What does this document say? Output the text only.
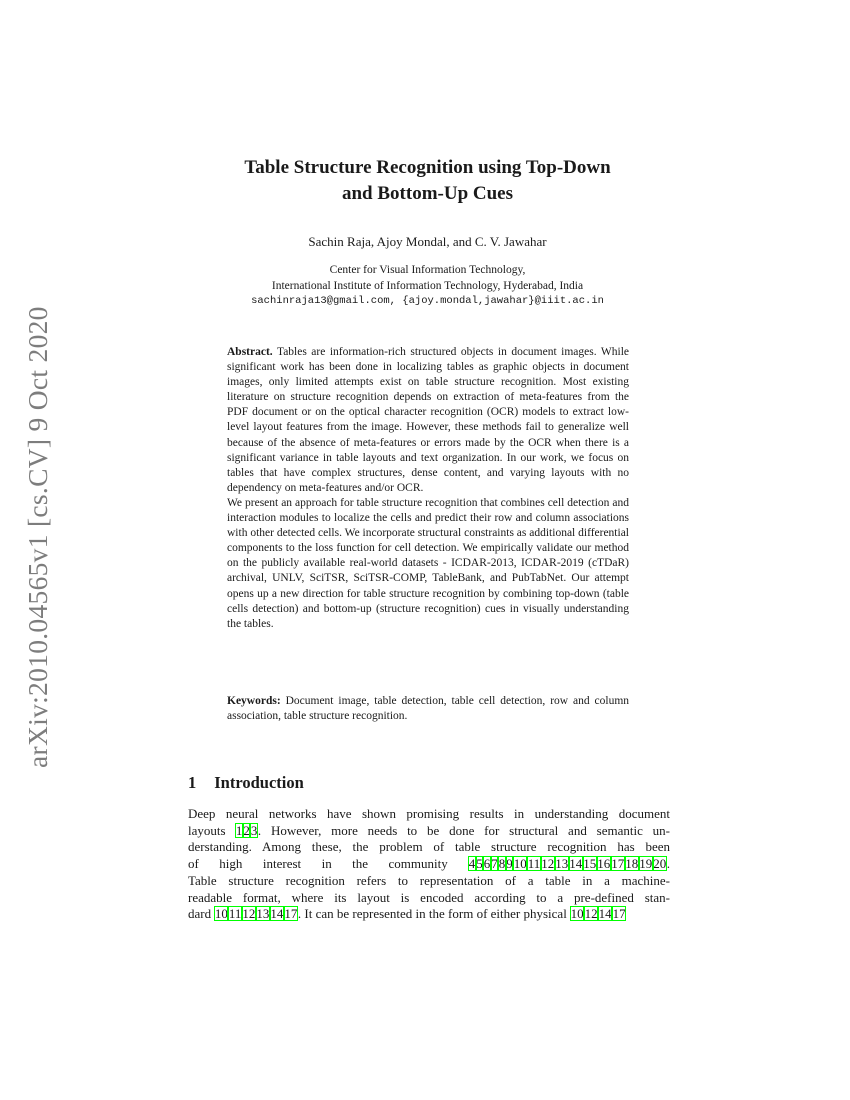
arXiv:2010.04565v1 [cs.CV] 9 Oct 2020
Table Structure Recognition using Top-Down
and Bottom-Up Cues
Sachin Raja, Ajoy Mondal, and C. V. Jawahar
Center for Visual Information Technology,
International Institute of Information Technology, Hyderabad, India
sachinraja13@gmail.com, {ajoy.mondal,jawahar}@iiit.ac.in

Abstract. Tables are information-rich structured objects in document images. While significant work has been done in localizing tables as graphic objects in document images, only limited attempts exist on table structure recognition. Most existing literature on structure recognition depends on extraction of meta-features from the PDF document or on the optical character recognition (OCR) models to extract low-level layout features from the image. However, these methods fail to generalize well because of the absence of meta-features or errors made by the OCR when there is a significant variance in table layouts and text organization. In our work, we focus on tables that have complex structures, dense content, and varying layouts with no dependency on meta-features and/or OCR.

We present an approach for table structure recognition that combines cell detection and interaction modules to localize the cells and predict their row and column associations with other detected cells. We incorporate structural constraints as additional differential components to the loss function for cell detection. We empirically validate our method on the publicly available real-world datasets - ICDAR-2013, ICDAR-2019 (cTDaR) archival, UNLV, SciTSR, SciTSR-COMP, TableBank, and PubTabNet. Our attempt opens up a new direction for table structure recognition by combining top-down (table cells detection) and bottom-up (structure recognition) cues in visually understanding the tables.

Keywords: Document image, table detection, table cell detection, row and column association, table structure recognition.
1 Introduction
Deep neural networks have shown promising results in understanding document
layouts 123. However, more needs to be done for structural and semantic un-
derstanding. Among these, the problem of table structure recognition has been
of high interest in the community 4567891011121314151617181920.
Table structure recognition refers to representation of a table in a machine-
readable format, where its layout is encoded according to a pre-defined stan-
dard 101112131417. It can be represented in the form of either physical 10121417
